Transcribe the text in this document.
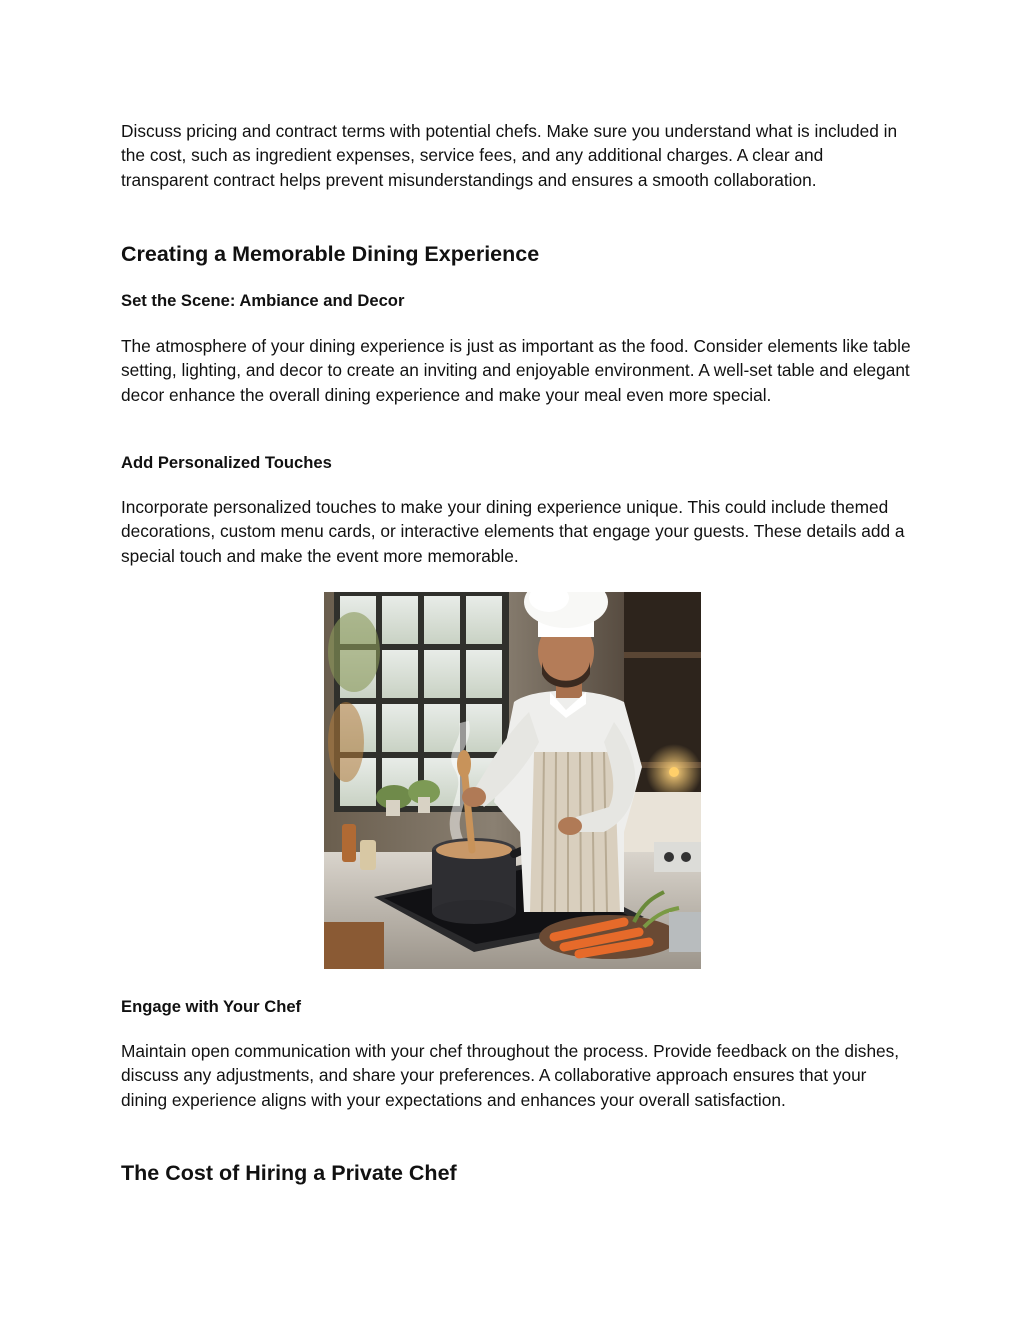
Discuss pricing and contract terms with potential chefs. Make sure you understand what is included in the cost, such as ingredient expenses, service fees, and any additional charges. A clear and transparent contract helps prevent misunderstandings and ensures a smooth collaboration.

Creating a Memorable Dining Experience
Set the Scene: Ambiance and Decor

The atmosphere of your dining experience is just as important as the food. Consider elements like table setting, lighting, and decor to create an inviting and enjoyable environment. A well-set table and elegant decor enhance the overall dining experience and make your meal even more special.

Add Personalized Touches

Incorporate personalized touches to make your dining experience unique. This could include themed decorations, custom menu cards, or interactive elements that engage your guests. These details add a special touch and make the event more memorable.

Engage with Your Chef

Maintain open communication with your chef throughout the process. Provide feedback on the dishes, discuss any adjustments, and share your preferences. A collaborative approach ensures that your dining experience aligns with your expectations and enhances your overall satisfaction.

The Cost of Hiring a Private Chef
